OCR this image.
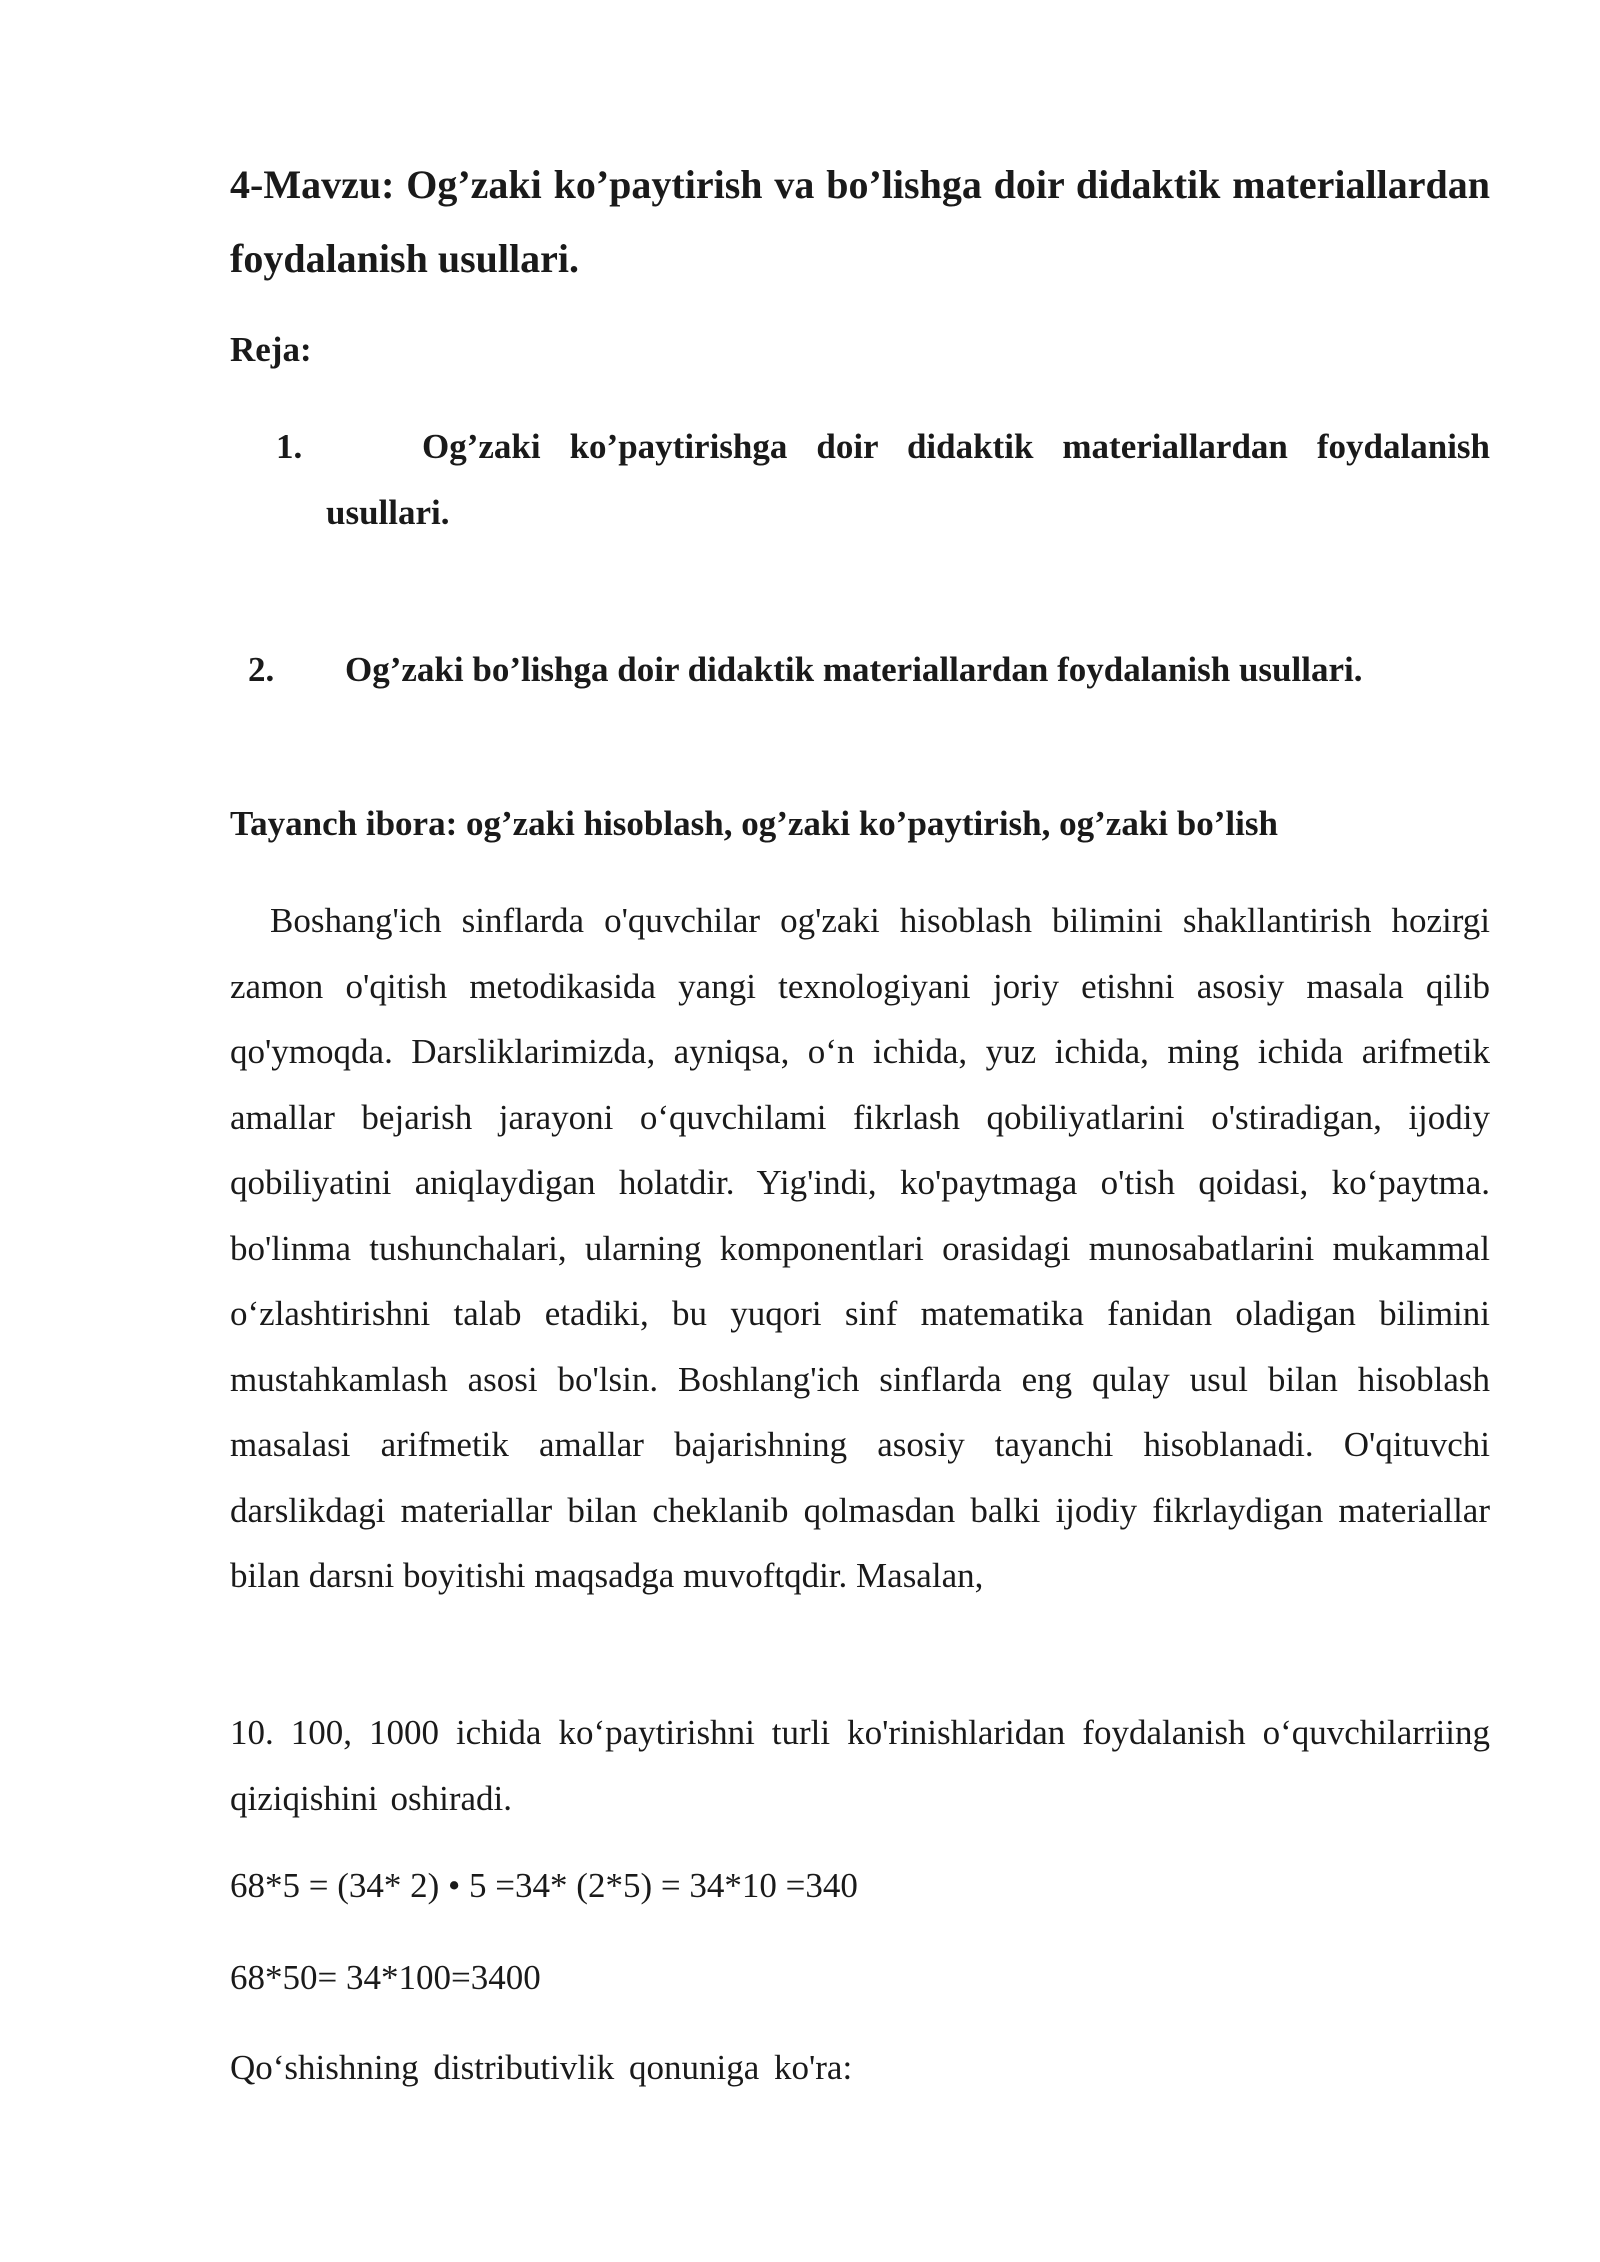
4-Mavzu: Og’zaki ko’paytirish va bo’lishga doir didaktik materiallardan foydalanish usullari.

Reja:

1.	Og’zaki ko’paytirishga doir didaktik materiallardan foydalanish usullari.
2.	Og’zaki bo’lishga doir didaktik materiallardan foydalanish usullari.

Tayanch ibora: og’zaki hisoblash, og’zaki ko’paytirish, og’zaki bo’lish

Boshang'ich sinflarda o'quvchilar og'zaki hisoblash bilimini shakllantirish hozirgi zamon o'qitish metodikasida yangi texnologiyani joriy etishni asosiy masala qilib qo'ymoqda. Darsliklarimizda, ayniqsa, o‘n ichida, yuz ichida, ming ichida arifmetik amallar bejarish jarayoni o‘quvchilami fikrlash qobiliyatlarini o'stiradigan, ijodiy qobiliyatini aniqlaydigan holatdir. Yig'indi, ko'paytmaga o'tish qoidasi, ko‘paytma. bo'linma tushunchalari, ularning komponentlari orasidagi munosabatlarini mukammal o‘zlashtirishni talab etadiki, bu yuqori sinf matematika fanidan oladigan bilimini mustahkamlash asosi bo'lsin. Boshlang'ich sinflarda eng qulay usul bilan hisoblash masalasi arifmetik amallar bajarishning asosiy tayanchi hisoblanadi. O'qituvchi darslikdagi materiallar bilan cheklanib qolmasdan balki ijodiy fikrlaydigan materiallar bilan darsni boyitishi maqsadga muvoftqdir. Masalan,

10. 100, 1000 ichida ko‘paytirishni turli ko'rinishlaridan foydalanish o‘quvchilarriing qiziqishini oshiradi.

68*5 = (34* 2) • 5 =34* (2*5) = 34*10 =340

68*50= 34*100=3400

Qo‘shishning distributivlik qonuniga ko'ra:
